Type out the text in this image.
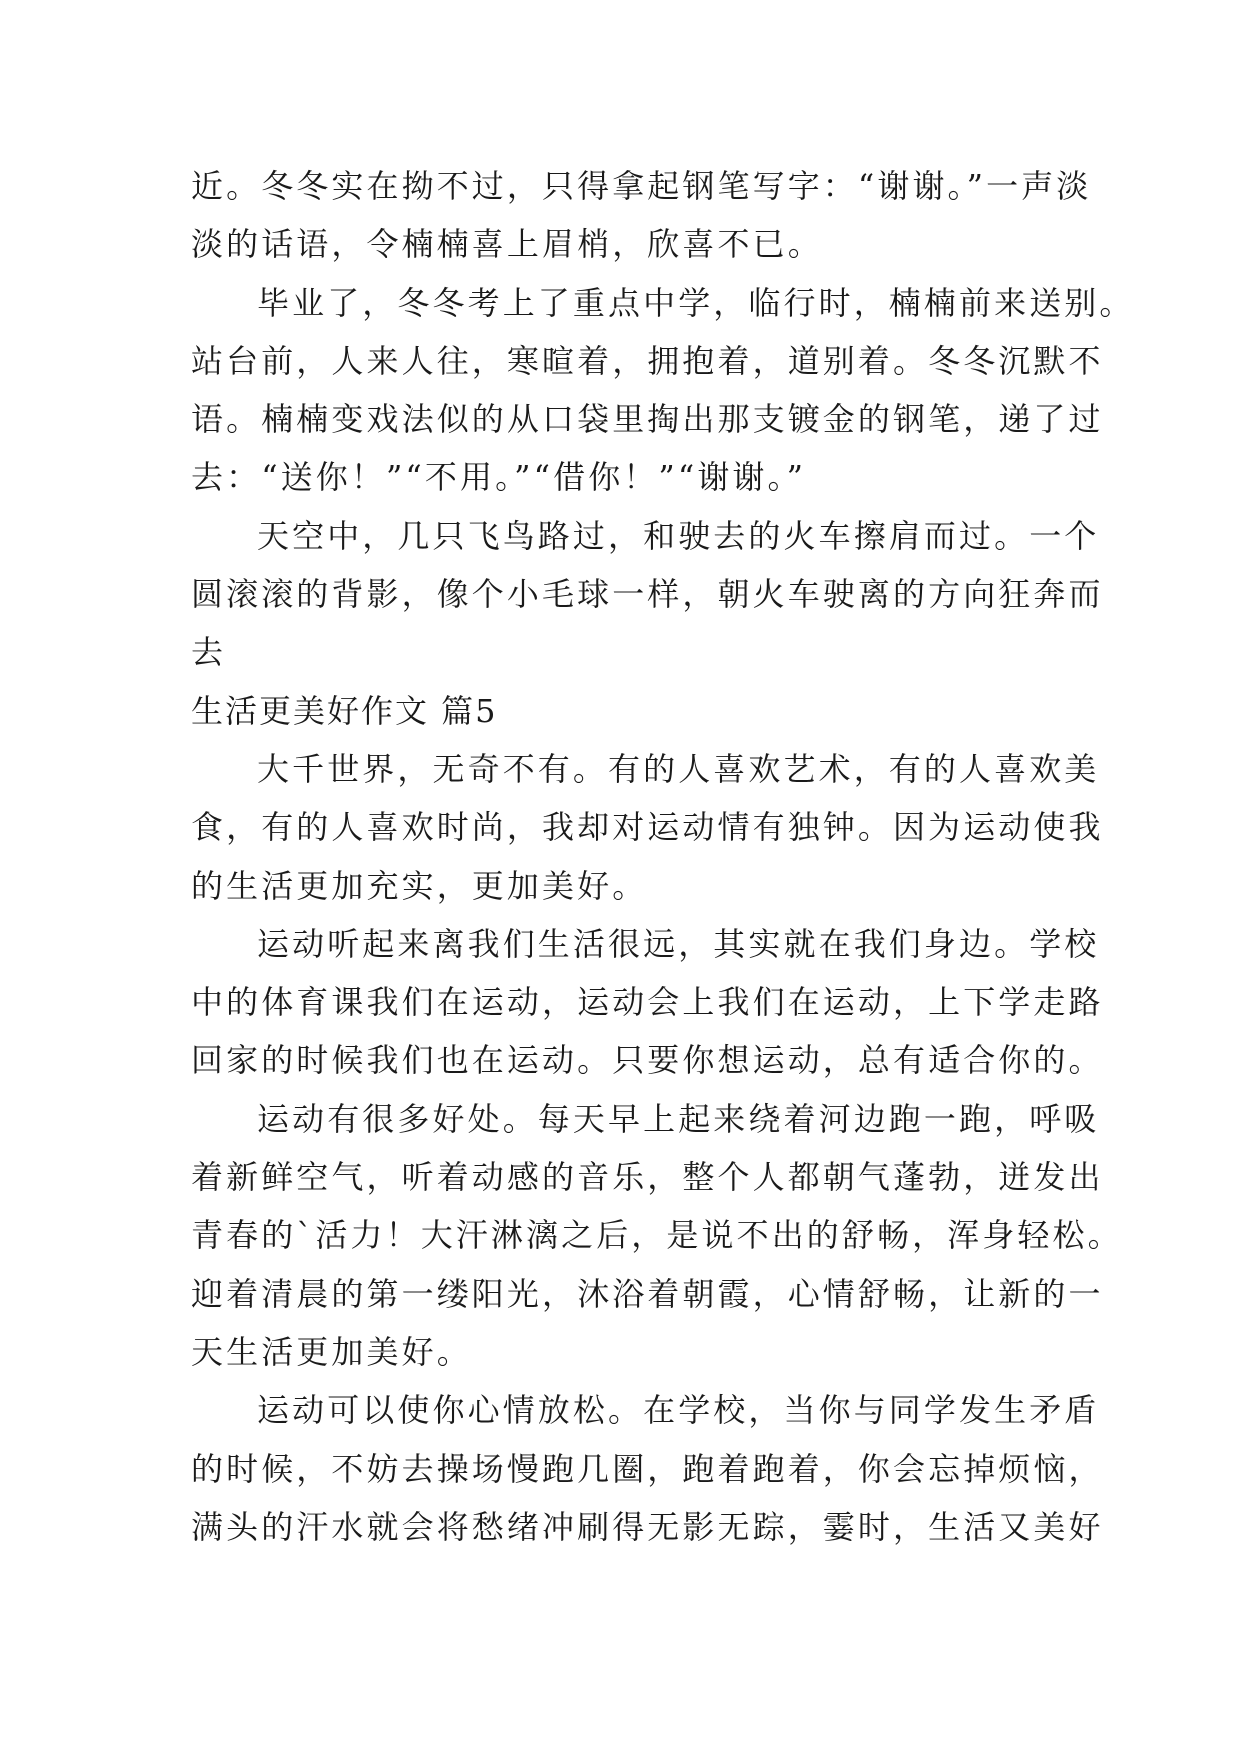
近。冬冬实在拗不过，只得拿起钢笔写字：“谢谢。”一声淡
淡的话语，令楠楠喜上眉梢，欣喜不已。
毕业了，冬冬考上了重点中学，临行时，楠楠前来送别。
站台前，人来人往，寒暄着，拥抱着，道别着。冬冬沉默不
语。楠楠变戏法似的从口袋里掏出那支镀金的钢笔，递了过
去：“送你！”“不用。”“借你！”“谢谢。”
天空中，几只飞鸟路过，和驶去的火车擦肩而过。一个
圆滚滚的背影，像个小毛球一样，朝火车驶离的方向狂奔而
去
生活更美好作文 篇5
大千世界，无奇不有。有的人喜欢艺术，有的人喜欢美
食，有的人喜欢时尚，我却对运动情有独钟。因为运动使我
的生活更加充实，更加美好。
运动听起来离我们生活很远，其实就在我们身边。学校
中的体育课我们在运动，运动会上我们在运动，上下学走路
回家的时候我们也在运动。只要你想运动，总有适合你的。
运动有很多好处。每天早上起来绕着河边跑一跑，呼吸
着新鲜空气，听着动感的音乐，整个人都朝气蓬勃，迸发出
青春的`活力！大汗淋漓之后，是说不出的舒畅，浑身轻松。
迎着清晨的第一缕阳光，沐浴着朝霞，心情舒畅，让新的一
天生活更加美好。
运动可以使你心情放松。在学校，当你与同学发生矛盾
的时候，不妨去操场慢跑几圈，跑着跑着，你会忘掉烦恼，
满头的汗水就会将愁绪冲刷得无影无踪，霎时，生活又美好
